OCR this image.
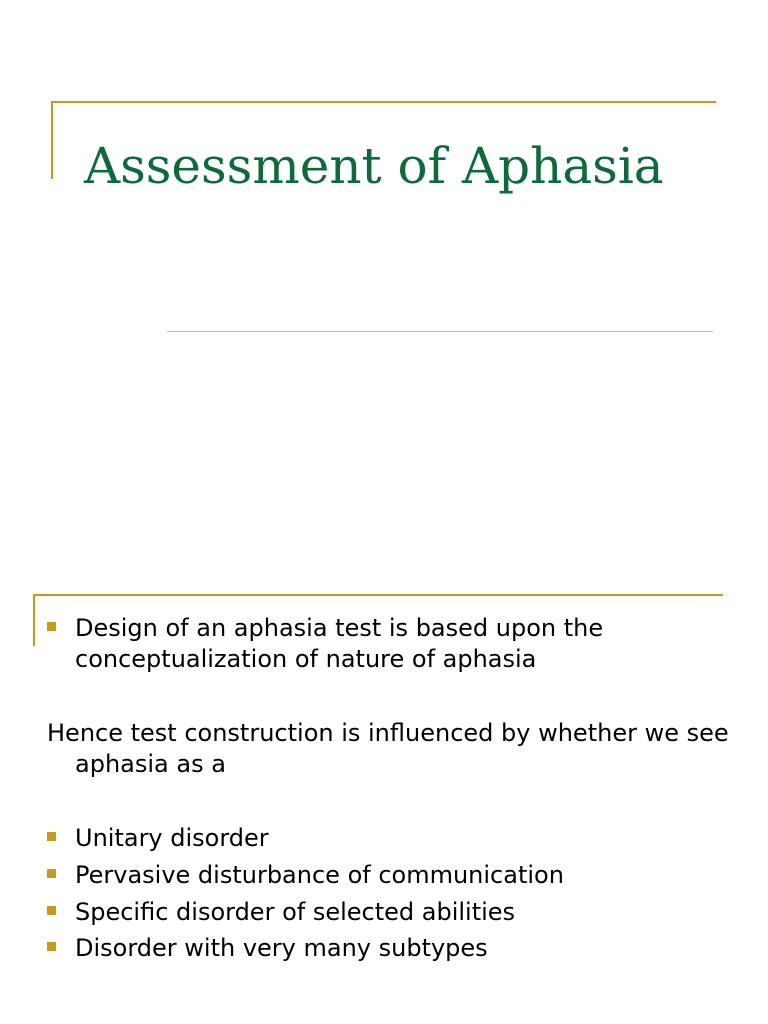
Assessment of Aphasia
Design of an aphasia test is based upon the conceptualization of nature of aphasia
Hence test construction is influenced by whether we see aphasia as a
Unitary disorder
Pervasive disturbance of communication
Specific disorder of selected abilities
Disorder with very many subtypes
